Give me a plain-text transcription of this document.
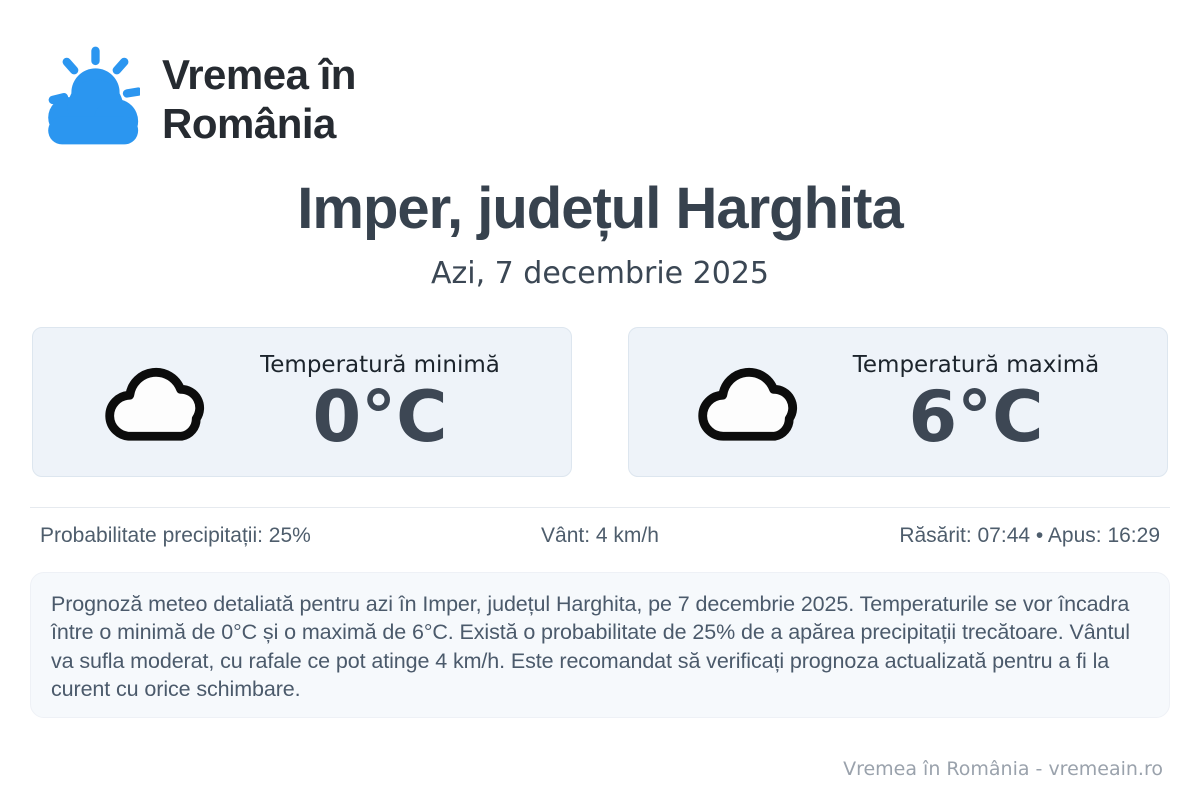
Vremea în
România
Imper, județul Harghita
Azi, 7 decembrie 2025
Temperatură minimă
0°C
Temperatură maximă
6°C
Probabilitate precipitații: 25%	Vânt: 4 km/h	Răsărit: 07:44 • Apus: 16:29

Prognoză meteo detaliată pentru azi în Imper, județul Harghita, pe 7 decembrie 2025. Temperaturile se vor încadra între o minimă de 0°C și o maximă de 6°C. Există o probabilitate de 25% de a apărea precipitații trecătoare. Vântul va sufla moderat, cu rafale ce pot atinge 4 km/h. Este recomandat să verificați prognoza actualizată pentru a fi la curent cu orice schimbare.

Vremea în România - vremeain.ro
